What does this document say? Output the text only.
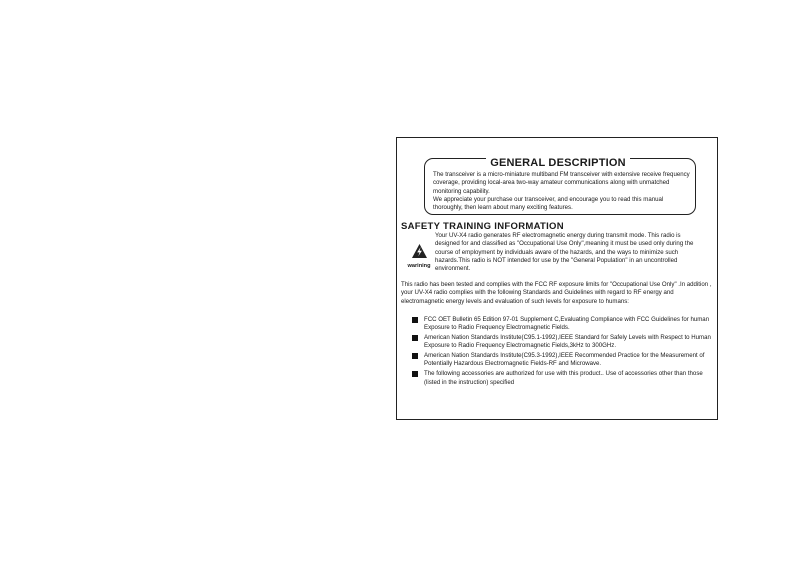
GENERAL DESCRIPTION
The transceiver is a micro-miniature multiband FM transceiver with extensive receive frequency coverage, providing local-area two-way amateur communications along with unmatched monitoring capability.
We appreciate your purchase our transceiver, and encourage you to read this manual thoroughly, then learn about many exciting features.
SAFETY TRAINING INFORMATION
warining
Your UV-X4 radio generates RF electromagnetic energy during transmit mode. This radio is designed for and classified as "Occupational Use Only",meaning it must be used only during the course of employment by individuals aware of the hazards, and the ways to minimize such hazards.This radio is NOT intended for use by the "General Population" in an uncontrolled environment.
This radio has been tested and complies with the FCC RF exposure limits for "Occupational Use Only" .In addition , your UV-X4 radio complies with the following Standards and Guidelines with regard to RF energy and electromagnetic energy levels and evaluation of such levels for exposure to humans:
FCC OET Bulletin 65 Edition 97-01 Supplement C,Evaluating Compliance with FCC Guidelines for human Exposure to Radio Frequency Electromagnetic Fields.
American Nation Standards Institute(C95.1-1992),IEEE Standard for Safely Levels with Respect to Human Exposure to Radio Frequency Electromagnetic Fields,3kHz to 300GHz.
American Nation Standards Institute(C95.3-1992),IEEE Recommended Practice for the Measurement of Potentially Hazardous Electromagnetic Fields-RF and Microwave.
The following accessories are authorized for use with this product.. Use of accessories other than those (listed in the instruction) specified
